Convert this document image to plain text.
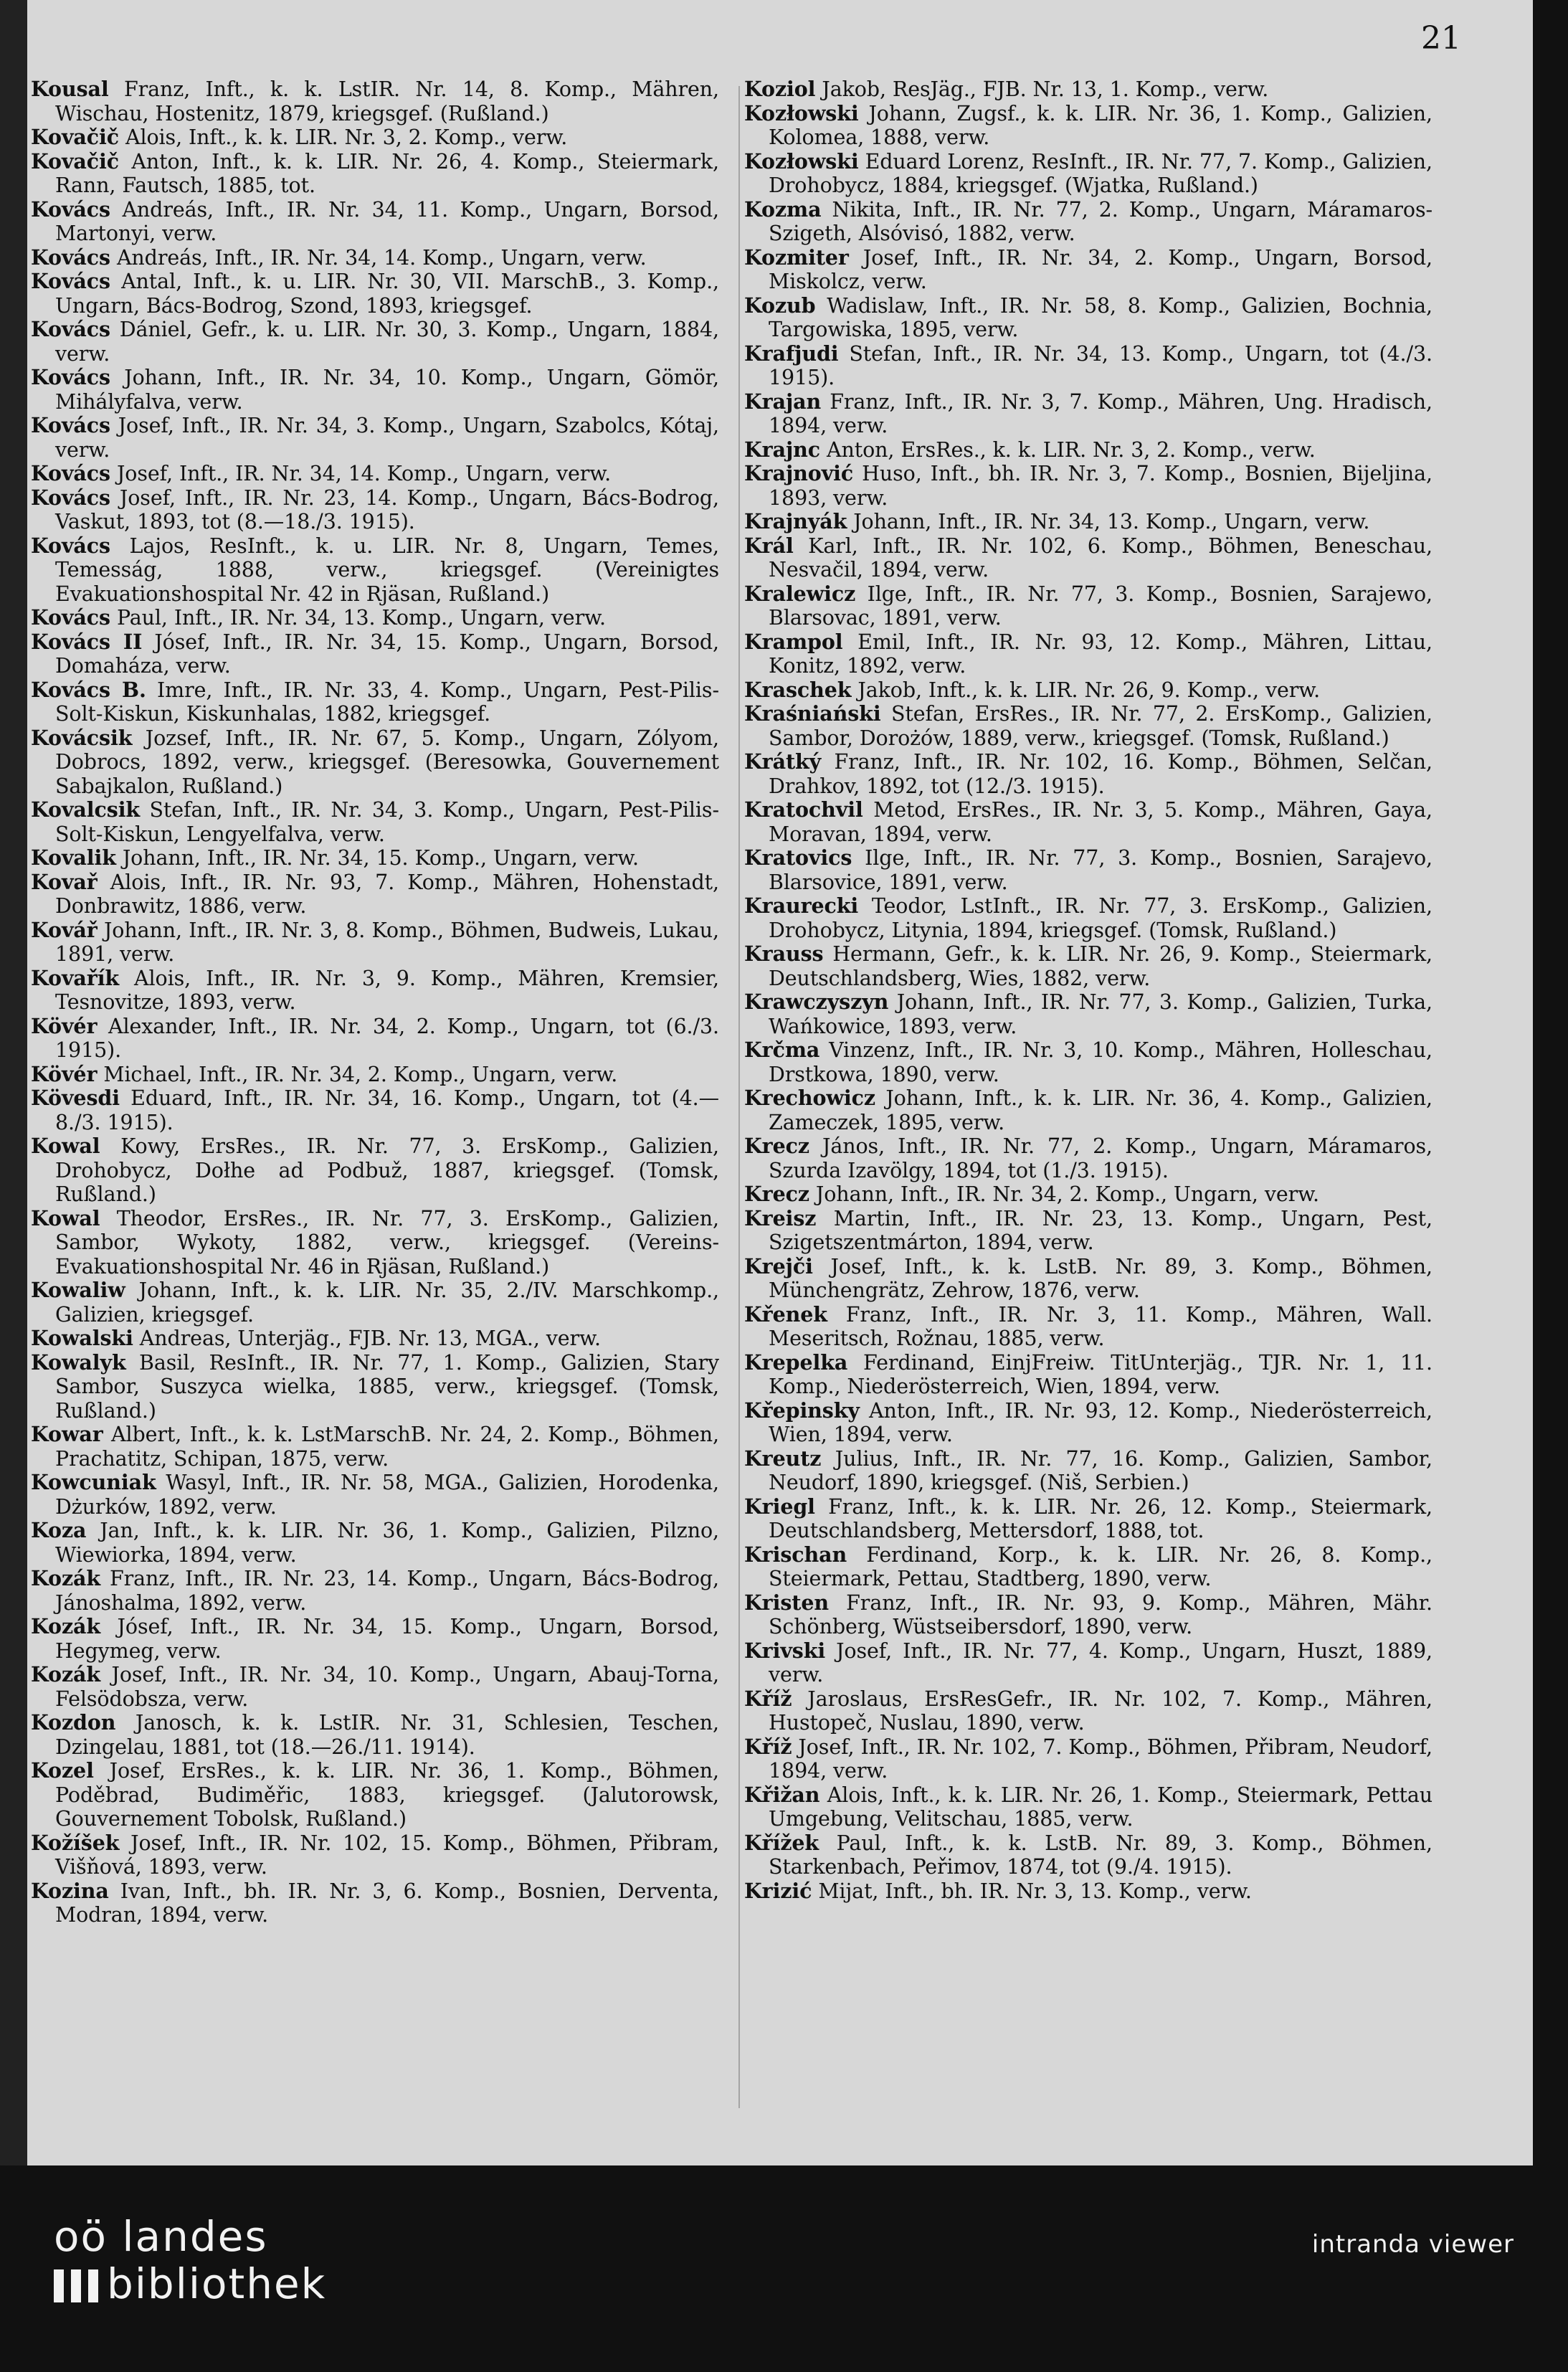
21

Kousal Franz, Inft., k. k. LstIR. Nr. 14, 8. Komp., Mähren, Wischau, Hostenitz, 1879, kriegsgef. (Rußland.)

Kovačič Alois, Inft., k. k. LIR. Nr. 3, 2. Komp., verw.

Kovačič Anton, Inft., k. k. LIR. Nr. 26, 4. Komp., Steiermark, Rann, Fautsch, 1885, tot.

Kovács Andreás, Inft., IR. Nr. 34, 11. Komp., Ungarn, Borsod, Martonyi, verw.

Kovács Andreás, Inft., IR. Nr. 34, 14. Komp., Ungarn, verw.

Kovács Antal, Inft., k. u. LIR. Nr. 30, VII. MarschB., 3. Komp., Ungarn, Bács-Bodrog, Szond, 1893, kriegsgef.

Kovács Dániel, Gefr., k. u. LIR. Nr. 30, 3. Komp., Ungarn, 1884, verw.

Kovács Johann, Inft., IR. Nr. 34, 10. Komp., Ungarn, Gömör, Mihályfalva, verw.

Kovács Josef, Inft., IR. Nr. 34, 3. Komp., Ungarn, Szabolcs, Kótaj, verw.

Kovács Josef, Inft., IR. Nr. 34, 14. Komp., Ungarn, verw.

Kovács Josef, Inft., IR. Nr. 23, 14. Komp., Ungarn, Bács-Bodrog, Vaskut, 1893, tot (8.—18./3. 1915).

Kovács Lajos, ResInft., k. u. LIR. Nr. 8, Ungarn, Temes, Temesság, 1888, verw., kriegsgef. (Vereinigtes Evakuationshospital Nr. 42 in Rjäsan, Rußland.)

Kovács Paul, Inft., IR. Nr. 34, 13. Komp., Ungarn, verw.

Kovács II Jósef, Inft., IR. Nr. 34, 15. Komp., Ungarn, Borsod, Domaháza, verw.

Kovács B. Imre, Inft., IR. Nr. 33, 4. Komp., Ungarn, Pest-Pilis-Solt-Kiskun, Kiskunhalas, 1882, kriegsgef.

Kovácsik Jozsef, Inft., IR. Nr. 67, 5. Komp., Ungarn, Zólyom, Dobrocs, 1892, verw., kriegsgef. (Beresowka, Gouvernement Sabajkalon, Rußland.)

Kovalcsik Stefan, Inft., IR. Nr. 34, 3. Komp., Ungarn, Pest-Pilis-Solt-Kiskun, Lengyelfalva, verw.

Kovalik Johann, Inft., IR. Nr. 34, 15. Komp., Ungarn, verw.

Kovař Alois, Inft., IR. Nr. 93, 7. Komp., Mähren, Hohenstadt, Donbrawitz, 1886, verw.

Kovář Johann, Inft., IR. Nr. 3, 8. Komp., Böhmen, Budweis, Lukau, 1891, verw.

Kovařík Alois, Inft., IR. Nr. 3, 9. Komp., Mähren, Kremsier, Tesnovitze, 1893, verw.

Kövér Alexander, Inft., IR. Nr. 34, 2. Komp., Ungarn, tot (6./3. 1915).

Kövér Michael, Inft., IR. Nr. 34, 2. Komp., Ungarn, verw.

Kövesdi Eduard, Inft., IR. Nr. 34, 16. Komp., Ungarn, tot (4.—8./3. 1915).

Kowal Kowy, ErsRes., IR. Nr. 77, 3. ErsKomp., Galizien, Drohobycz, Dołhe ad Podbuž, 1887, kriegsgef. (Tomsk, Rußland.)

Kowal Theodor, ErsRes., IR. Nr. 77, 3. ErsKomp., Galizien, Sambor, Wykoty, 1882, verw., kriegsgef. (Vereins-Evakuationshospital Nr. 46 in Rjäsan, Rußland.)

Kowaliw Johann, Inft., k. k. LIR. Nr. 35, 2./IV. Marschkomp., Galizien, kriegsgef.

Kowalski Andreas, Unterjäg., FJB. Nr. 13, MGA., verw.

Kowalyk Basil, ResInft., IR. Nr. 77, 1. Komp., Galizien, Stary Sambor, Suszyca wielka, 1885, verw., kriegsgef. (Tomsk, Rußland.)

Kowar Albert, Inft., k. k. LstMarschB. Nr. 24, 2. Komp., Böhmen, Prachatitz, Schipan, 1875, verw.

Kowcuniak Wasyl, Inft., IR. Nr. 58, MGA., Galizien, Horodenka, Dżurków, 1892, verw.

Koza Jan, Inft., k. k. LIR. Nr. 36, 1. Komp., Galizien, Pilzno, Wiewiorka, 1894, verw.

Kozák Franz, Inft., IR. Nr. 23, 14. Komp., Ungarn, Bács-Bodrog, Jánoshalma, 1892, verw.

Kozák Jósef, Inft., IR. Nr. 34, 15. Komp., Ungarn, Borsod, Hegymeg, verw.

Kozák Josef, Inft., IR. Nr. 34, 10. Komp., Ungarn, Abauj-Torna, Felsödobsza, verw.

Kozdon Janosch, k. k. LstIR. Nr. 31, Schlesien, Teschen, Dzingelau, 1881, tot (18.—26./11. 1914).

Kozel Josef, ErsRes., k. k. LIR. Nr. 36, 1. Komp., Böhmen, Poděbrad, Budiměřic, 1883, kriegsgef. (Jalutorowsk, Gouvernement Tobolsk, Rußland.)

Kožíšek Josef, Inft., IR. Nr. 102, 15. Komp., Böhmen, Přibram, Višňová, 1893, verw.

Kozina Ivan, Inft., bh. IR. Nr. 3, 6. Komp., Bosnien, Derventa, Modran, 1894, verw.

Koziol Jakob, ResJäg., FJB. Nr. 13, 1. Komp., verw.

Kozłowski Johann, Zugsf., k. k. LIR. Nr. 36, 1. Komp., Galizien, Kolomea, 1888, verw.

Kozłowski Eduard Lorenz, ResInft., IR. Nr. 77, 7. Komp., Galizien, Drohobycz, 1884, kriegsgef. (Wjatka, Rußland.)

Kozma Nikita, Inft., IR. Nr. 77, 2. Komp., Ungarn, Máramaros-Szigeth, Alsóvisó, 1882, verw.

Kozmiter Josef, Inft., IR. Nr. 34, 2. Komp., Ungarn, Borsod, Miskolcz, verw.

Kozub Wadislaw, Inft., IR. Nr. 58, 8. Komp., Galizien, Bochnia, Targowiska, 1895, verw.

Krafjudi Stefan, Inft., IR. Nr. 34, 13. Komp., Ungarn, tot (4./3. 1915).

Krajan Franz, Inft., IR. Nr. 3, 7. Komp., Mähren, Ung. Hradisch, 1894, verw.

Krajnc Anton, ErsRes., k. k. LIR. Nr. 3, 2. Komp., verw.

Krajnović Huso, Inft., bh. IR. Nr. 3, 7. Komp., Bosnien, Bijeljina, 1893, verw.

Krajnyák Johann, Inft., IR. Nr. 34, 13. Komp., Ungarn, verw.

Král Karl, Inft., IR. Nr. 102, 6. Komp., Böhmen, Beneschau, Nesvačil, 1894, verw.

Kralewicz Ilge, Inft., IR. Nr. 77, 3. Komp., Bosnien, Sarajewo, Blarsovac, 1891, verw.

Krampol Emil, Inft., IR. Nr. 93, 12. Komp., Mähren, Littau, Konitz, 1892, verw.

Kraschek Jakob, Inft., k. k. LIR. Nr. 26, 9. Komp., verw.

Kraśniański Stefan, ErsRes., IR. Nr. 77, 2. ErsKomp., Galizien, Sambor, Dorożów, 1889, verw., kriegsgef. (Tomsk, Rußland.)

Krátký Franz, Inft., IR. Nr. 102, 16. Komp., Böhmen, Selčan, Drahkov, 1892, tot (12./3. 1915).

Kratochvil Metod, ErsRes., IR. Nr. 3, 5. Komp., Mähren, Gaya, Moravan, 1894, verw.

Kratovics Ilge, Inft., IR. Nr. 77, 3. Komp., Bosnien, Sarajevo, Blarsovice, 1891, verw.

Kraurecki Teodor, LstInft., IR. Nr. 77, 3. ErsKomp., Galizien, Drohobycz, Litynia, 1894, kriegsgef. (Tomsk, Rußland.)

Krauss Hermann, Gefr., k. k. LIR. Nr. 26, 9. Komp., Steiermark, Deutschlandsberg, Wies, 1882, verw.

Krawczyszyn Johann, Inft., IR. Nr. 77, 3. Komp., Galizien, Turka, Wańkowice, 1893, verw.

Krčma Vinzenz, Inft., IR. Nr. 3, 10. Komp., Mähren, Holleschau, Drstkowa, 1890, verw.

Krechowicz Johann, Inft., k. k. LIR. Nr. 36, 4. Komp., Galizien, Zameczek, 1895, verw.

Krecz János, Inft., IR. Nr. 77, 2. Komp., Ungarn, Máramaros, Szurda Izavölgy, 1894, tot (1./3. 1915).

Krecz Johann, Inft., IR. Nr. 34, 2. Komp., Ungarn, verw.

Kreisz Martin, Inft., IR. Nr. 23, 13. Komp., Ungarn, Pest, Szigetszentmárton, 1894, verw.

Krejči Josef, Inft., k. k. LstB. Nr. 89, 3. Komp., Böhmen, Münchengrätz, Zehrow, 1876, verw.

Křenek Franz, Inft., IR. Nr. 3, 11. Komp., Mähren, Wall. Meseritsch, Rožnau, 1885, verw.

Krepelka Ferdinand, EinjFreiw. TitUnterjäg., TJR. Nr. 1, 11. Komp., Niederösterreich, Wien, 1894, verw.

Křepinsky Anton, Inft., IR. Nr. 93, 12. Komp., Niederösterreich, Wien, 1894, verw.

Kreutz Julius, Inft., IR. Nr. 77, 16. Komp., Galizien, Sambor, Neudorf, 1890, kriegsgef. (Niš, Serbien.)

Kriegl Franz, Inft., k. k. LIR. Nr. 26, 12. Komp., Steiermark, Deutschlandsberg, Mettersdorf, 1888, tot.

Krischan Ferdinand, Korp., k. k. LIR. Nr. 26, 8. Komp., Steiermark, Pettau, Stadtberg, 1890, verw.

Kristen Franz, Inft., IR. Nr. 93, 9. Komp., Mähren, Mähr. Schönberg, Wüstseibersdorf, 1890, verw.

Krivski Josef, Inft., IR. Nr. 77, 4. Komp., Ungarn, Huszt, 1889, verw.

Kříž Jaroslaus, ErsResGefr., IR. Nr. 102, 7. Komp., Mähren, Hustopeč, Nuslau, 1890, verw.

Kříž Josef, Inft., IR. Nr. 102, 7. Komp., Böhmen, Přibram, Neudorf, 1894, verw.

Křižan Alois, Inft., k. k. LIR. Nr. 26, 1. Komp., Steiermark, Pettau Umgebung, Velitschau, 1885, verw.

Křížek Paul, Inft., k. k. LstB. Nr. 89, 3. Komp., Böhmen, Starkenbach, Peřimov, 1874, tot (9./4. 1915).

Krizić Mijat, Inft., bh. IR. Nr. 3, 13. Komp., verw.

oö landes
bibliothek
intranda viewer
